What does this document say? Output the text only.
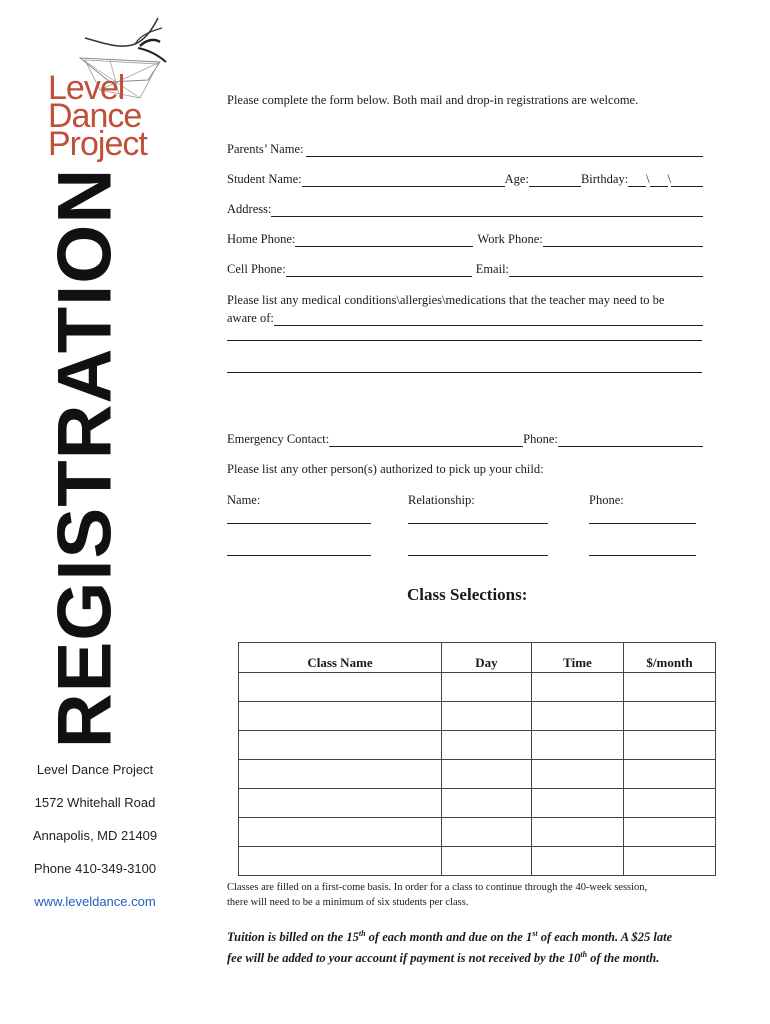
Level
Dance
Project
REGISTRATION
Level Dance Project
1572 Whitehall Road
Annapolis, MD 21409
Phone 410-349-3100
www.leveldance.com
Please complete the form below. Both mail and drop-in registrations are welcome.
Parents’ Name:
Student Name:	Age:	Birthday: \ \
Address:
Home Phone:	Work Phone:
Cell Phone:	Email:
Please list any medical conditions\allergies\medications that the teacher may need to be
aware of:
Emergency Contact:	Phone:
Please list any other person(s) authorized to pick up your child:
Name:	Relationship:	Phone:
Class Selections:
Class Name	Day	Time	$/month

Classes are filled on a first-come basis. In order for a class to continue through the 40-week session,
there will need to be a minimum of six students per class.
Tuition is billed on the 15th of each month and due on the 1st of each month. A $25 late
fee will be added to your account if payment is not received by the 10th of the month.
